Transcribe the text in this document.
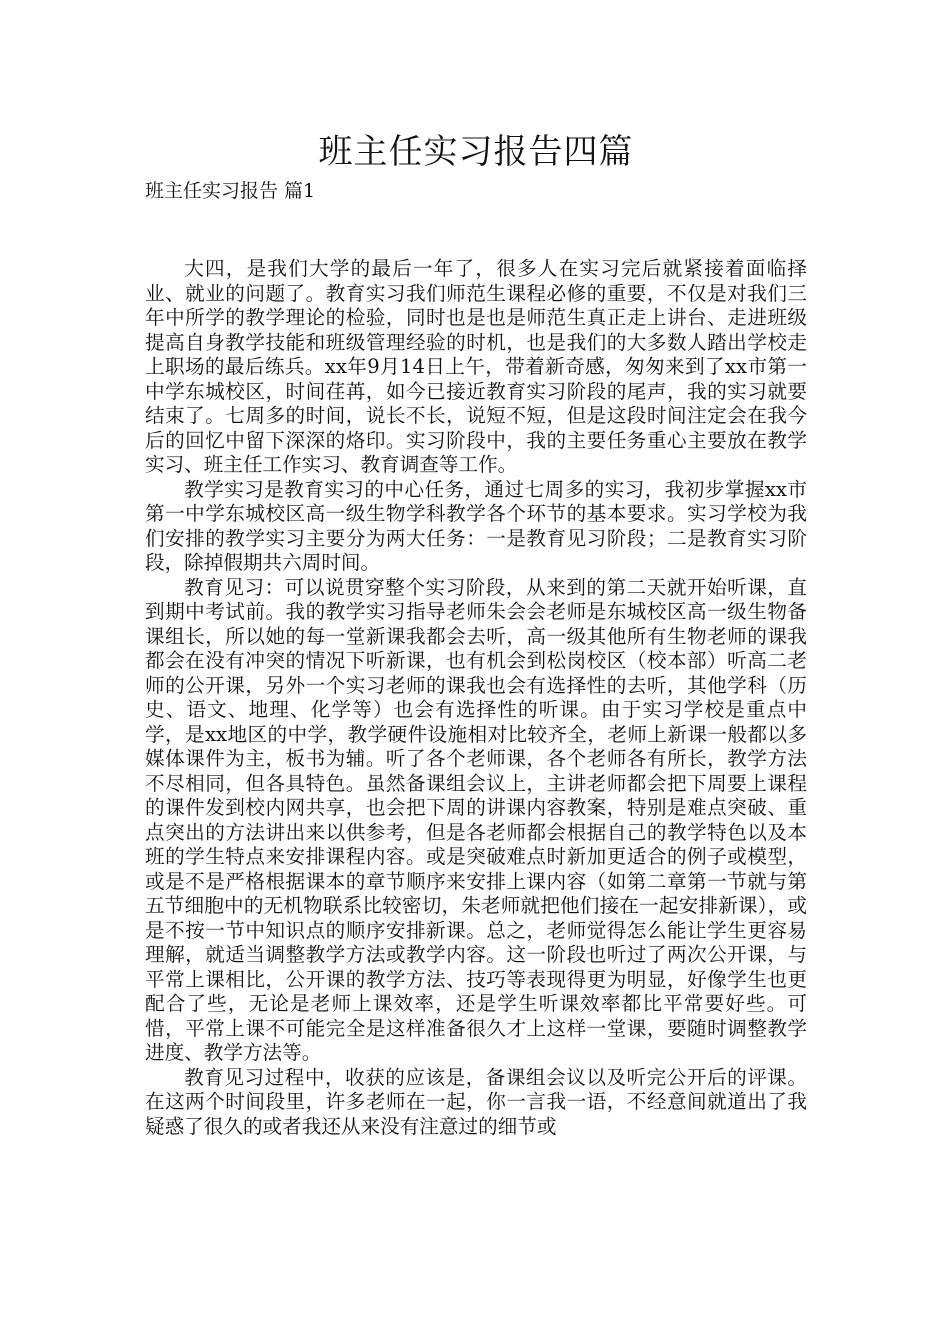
班主任实习报告四篇
班主任实习报告 篇1

大四，是我们大学的最后一年了，很多人在实习完后就紧接着面临择业、就业的问题了。教育实习我们师范生课程必修的重要，不仅是对我们三年中所学的教学理论的检验，同时也是也是师范生真正走上讲台、走进班级提高自身教学技能和班级管理经验的时机，也是我们的大多数人踏出学校走上职场的最后练兵。xx年9月14日上午，带着新奇感，匆匆来到了xx市第一中学东城校区，时间荏苒，如今已接近教育实习阶段的尾声，我的实习就要结束了。七周多的时间，说长不长，说短不短，但是这段时间注定会在我今后的回忆中留下深深的烙印。实习阶段中，我的主要任务重心主要放在教学实习、班主任工作实习、教育调查等工作。

教学实习是教育实习的中心任务，通过七周多的实习，我初步掌握xx市第一中学东城校区高一级生物学科教学各个环节的基本要求。实习学校为我们安排的教学实习主要分为两大任务：一是教育见习阶段；二是教育实习阶段，除掉假期共六周时间。

教育见习：可以说贯穿整个实习阶段，从来到的第二天就开始听课，直到期中考试前。我的教学实习指导老师朱会会老师是东城校区高一级生物备课组长，所以她的每一堂新课我都会去听，高一级其他所有生物老师的课我都会在没有冲突的情况下听新课，也有机会到松岗校区（校本部）听高二老师的公开课，另外一个实习老师的课我也会有选择性的去听，其他学科（历史、语文、地理、化学等）也会有选择性的听课。由于实习学校是重点中学，是xx地区的中学，教学硬件设施相对比较齐全，老师上新课一般都以多媒体课件为主，板书为辅。听了各个老师课，各个老师各有所长，教学方法不尽相同，但各具特色。虽然备课组会议上，主讲老师都会把下周要上课程的课件发到校内网共享，也会把下周的讲课内容教案，特别是难点突破、重点突出的方法讲出来以供参考，但是各老师都会根据自己的教学特色以及本班的学生特点来安排课程内容。或是突破难点时新加更适合的例子或模型，或是不是严格根据课本的章节顺序来安排上课内容（如第二章第一节就与第五节细胞中的无机物联系比较密切，朱老师就把他们接在一起安排新课），或是不按一节中知识点的顺序安排新课。总之，老师觉得怎么能让学生更容易理解，就适当调整教学方法或教学内容。这一阶段也听过了两次公开课，与平常上课相比，公开课的教学方法、技巧等表现得更为明显，好像学生也更配合了些，无论是老师上课效率，还是学生听课效率都比平常要好些。可惜，平常上课不可能完全是这样准备很久才上这样一堂课，要随时调整教学进度、教学方法等。

教育见习过程中，收获的应该是，备课组会议以及听完公开后的评课。在这两个时间段里，许多老师在一起，你一言我一语，不经意间就道出了我疑惑了很久的或者我还从来没有注意过的细节或
